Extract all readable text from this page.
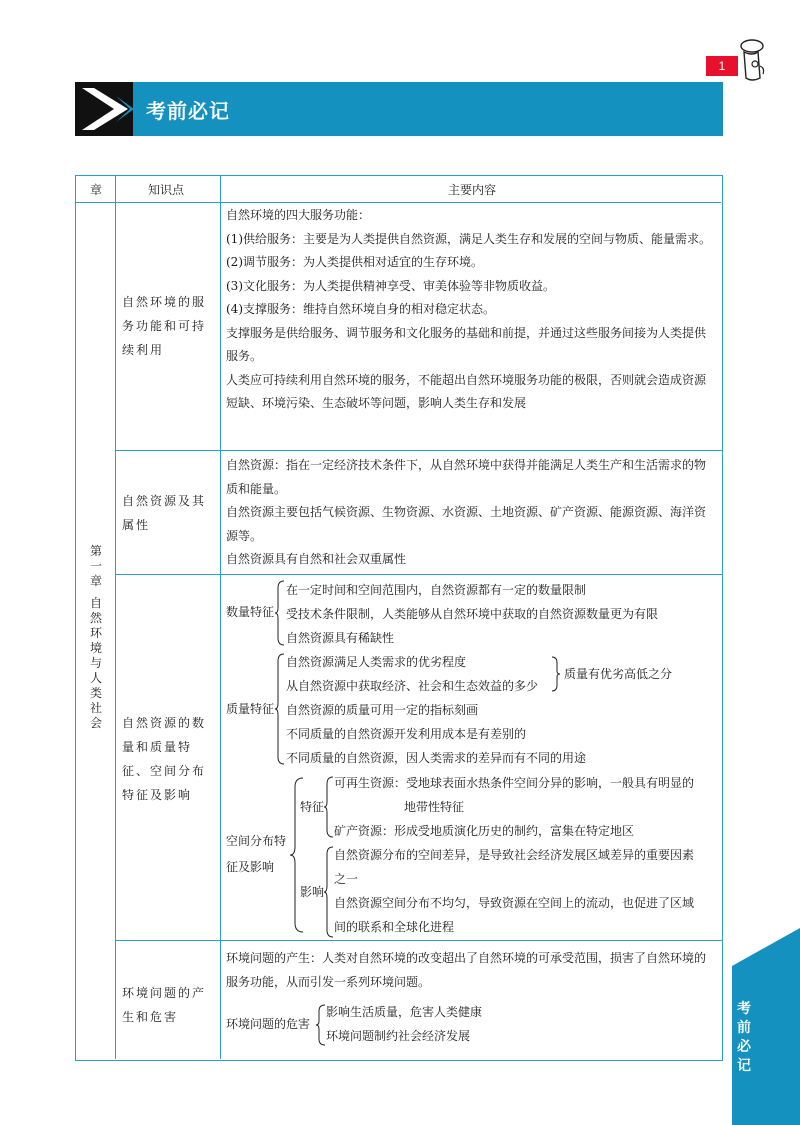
1
考前必记
考前必记
章	知识点	主要内容
第一章
自然环境与人类社会
自然环境的服务功能和可持续利用

自然环境的四大服务功能：

(1)供给服务：主要是为人类提供自然资源，满足人类生存和发展的空间与物质、能量需求。

(2)调节服务：为人类提供相对适宜的生存环境。

(3)文化服务：为人类提供精神享受、审美体验等非物质收益。

(4)支撑服务：维持自然环境自身的相对稳定状态。

支撑服务是供给服务、调节服务和文化服务的基础和前提，并通过这些服务间接为人类提供服务。

人类应可持续利用自然环境的服务，不能超出自然环境服务功能的极限，否则就会造成资源短缺、环境污染、生态破坏等问题，影响人类生存和发展

自然资源及其属性

自然资源：指在一定经济技术条件下，从自然环境中获得并能满足人类生产和生活需求的物质和能量。

自然资源主要包括气候资源、生物资源、水资源、土地资源、矿产资源、能源资源、海洋资源等。

自然资源具有自然和社会双重属性

自然资源的数量和质量特征、空间分布特征及影响
数量特征
在一定时间和空间范围内，自然资源都有一定的数量限制
受技术条件限制，人类能够从自然环境中获取的自然资源数量更为有限
自然资源具有稀缺性
质量特征
自然资源满足人类需求的优劣程度
从自然资源中获取经济、社会和生态效益的多少
质量有优劣高低之分
自然资源的质量可用一定的指标刻画
不同质量的自然资源开发利用成本是有差别的
不同质量的自然资源，因人类需求的差异而有不同的用途
空间分布特征及影响
特征
可再生资源：受地球表面水热条件空间分异的影响，一般具有明显的
地带性特征
矿产资源：形成受地质演化历史的制约，富集在特定地区
影响
自然资源分布的空间差异，是导致社会经济发展区域差异的重要因素
之一
自然资源空间分布不均匀，导致资源在空间上的流动，也促进了区域
间的联系和全球化进程
环境问题的产生和危害
环境问题的产生：人类对自然环境的改变超出了自然环境的可承受范围，损害了自然环境的服务功能，从而引发一系列环境问题。
环境问题的危害
影响生活质量，危害人类健康
环境问题制约社会经济发展
